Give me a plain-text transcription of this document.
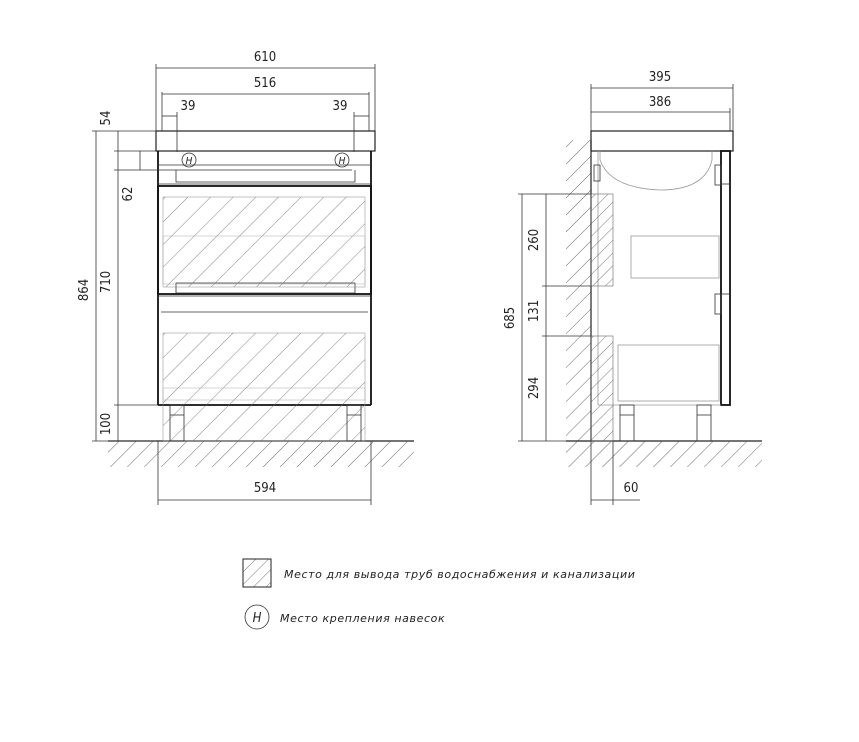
H	H
610
516
39	39
54
62
864 710
100
594
395
386
260
131
294
685
60
Место для вывода труб водоснабжения и канализации
H Место крепления навесок
